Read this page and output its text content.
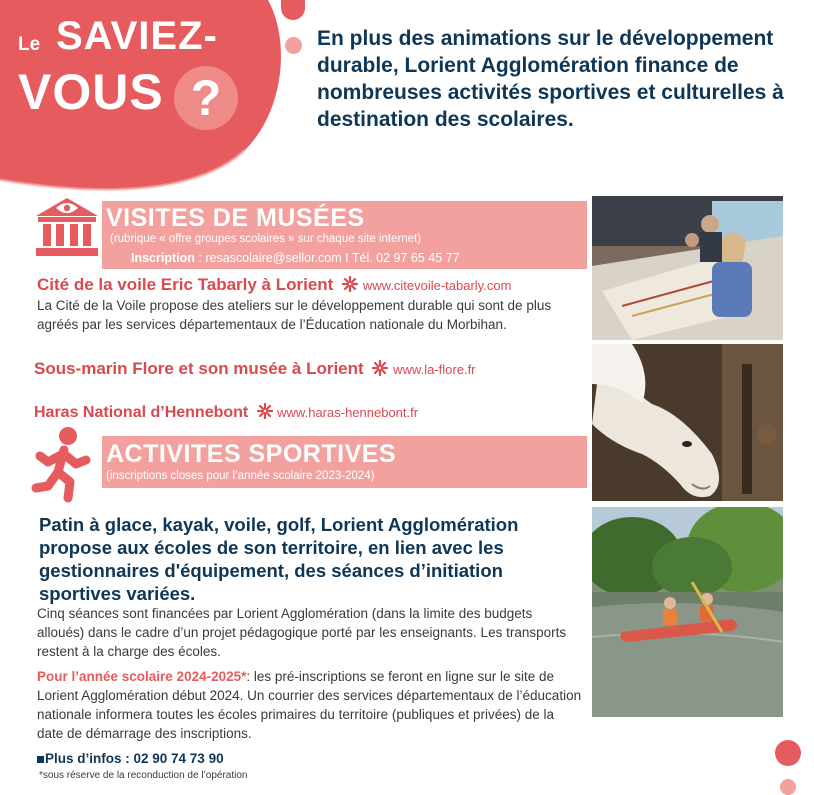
Le SAVIEZ-
VOUS ?

En plus des animations sur le développement durable, Lorient Agglomération finance de nombreuses activités sportives et culturelles à destination des scolaires.

VISITES DE MUSÉES
(rubrique « offre groupes scolaires » sur chaque site internet)
Inscription : resascolaire@sellor.com I Tél. 02 97 65 45 77
Cité de la voile Eric Tabarly à Lorient www.citevoile-tabarly.com

La Cité de la Voile propose des ateliers sur le développement durable qui sont de plus agréés par les services départementaux de l’Éducation nationale du Morbihan.

Sous-marin Flore et son musée à Lorient www.la-flore.fr
Haras National d’Hennebont www.haras-hennebont.fr
ACTIVITES SPORTIVES
(inscriptions closes pour l’année scolaire 2023-2024)

Patin à glace, kayak, voile, golf, Lorient Agglomération propose aux écoles de son territoire, en lien avec les gestionnaires d'équipement, des séances d’initiation sportives variées.

Cinq séances sont financées par Lorient Agglomération (dans la limite des budgets alloués) dans le cadre d’un projet pédagogique porté par les enseignants. Les transports restent à la charge des écoles.

Pour l’année scolaire 2024-2025*: les pré-inscriptions se feront en ligne sur le site de Lorient Agglomération début 2024. Un courrier des services départementaux de l’éducation nationale informera toutes les écoles primaires du territoire (publiques et privées) de la date de démarrage des inscriptions.

Plus d’infos : 02 90 74 73 90
*sous réserve de la reconduction de l’opération
